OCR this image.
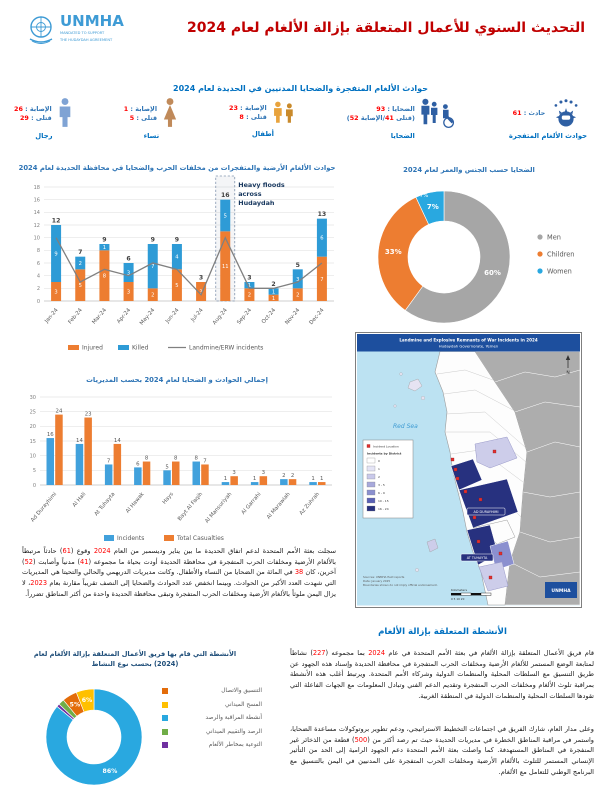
UNMHA
MANDATED TO SUPPORT
THE HUDAYDAH AGREEMENT
التحديث السنوي للأعمال المتعلقة بإزالة الألغام لعام 2024
حوادث الألغام المتفجرة والضحايا المدنيين في الحديدة لعام 2024
الإصابة : 26
قتلى : 29
رجال
الإصابة : 1
قتلى : 5
نساء
الإصابة : 23
قتلى : 8
أطفال
الضحايا : 93
(قتلى 41/الإصابة 52)
الضحايا
حادث : 61
حوادث الألغام المتفجرة
حوادث الألغام الأرضية والمتفجرات من مخلفات الحرب والضحايا في محافظة الحديدة لعام 2024
0
2
4
6
8
10
12
14
16
18	Heavy floods
across
Hudaydah
3
9
12
Jan-24
5
2
7
Feb-24
8
1
9
Mar-24
3
3
6
Apr-24
2
7
9
May-24
5
4
9
Jun-24
3
3
Jul-24
11
5
16
Aug-24
2
1
3
Sep-24
1
1
2
Oct-24
2
3
5
Nov-24
7
6
13
Dec-24
Injured	Killed	Landmine/ERW incidents
الضحايا حسب الجنس والعمر لعام 2024
60%
33%
7%
Men
Children
Women
7%
إجمالي الحوادث و الضحايا لعام 2024 بحسب المديريات
0
5
10
15
20
25
30
16
24
Ad Durayhimi
14
23
Al Hali
7
14
At Tuhayta
6
8
Al Hawak
5
8
Hays
8 7
Bayt Al Faqih
1
3
Al Mansuriyah
1
3
Al Garrahi
2 2
Al Marawiah
1 1
Az Zuhrah
Incidents	Total Casualties
AD DURAYHIMI
AT TUHAYTA
Red Sea
Incident Location
Incidents by District
0
1
2
3 - 5
6 - 9
10 - 15
16 - 24
N
Kilometers
0 5 10 20
Sources: UNMHA field reports
Date: January 2025
Boundaries shown do not imply official endorsement.
UNMHA
Landmine and Explosive Remnants of War Incidents in 2024
Hudaydah Governorate, Yemen
سجلت بعثة الأمم المتحدة لدعم اتفاق الحديدة ما بين يناير وديسمبر من العام 2024 وقوع (61) حادثاً مرتبطاً بالألغام الأرضية ومخلفات الحرب المتفجرة في محافظة الحديدة أودت بحياة ما مجموعه (41) مدنياً وأصابت (52) آخرين، كان 38 في المائة من الضحايا من النساء والأطفال. وكانت مديريات الدريهمي والحالي والتحيتا هي المديريات التي شهدت العدد الأكبر من الحوادث. وبينما انخفض عدد الحوادث والضحايا إلى النصف تقريباً مقارنة بعام 2023، لا يزال اليمن ملوثاً بالألغام الأرضية ومخلفات الحرب المتفجرة وتبقى محافظة الحديدة واحدة من أكثر المناطق تضرراً.
الأنشطة المتعلقة بإزالة الألغام
قام فريق الأعمال المتعلقة بإزالة الألغام في بعثة الأمم المتحدة في عام 2024 بما مجموعه (227) نشاطاً لمتابعة الوضع المستمر للألغام الأرضية ومخلفات الحرب المتفجرة في محافظة الحديدة وإسناد هذه الجهود عن طريق التنسيق مع السلطات المحلية والمنظمات الدولية وشركاء الأمم المتحدة. ويرتبط أغلب هذه الأنشطة بمراقبة تلوث الألغام ومخلفات الحرب المتفجرة وتقديم الدعم الفني وتبادل المعلومات مع الجهات الفاعلة التي تقودها السلطات المحلية والمنظمات الدولية في المنطقة الغربية.
وعلى مدار العام، شارك الفريق في اجتماعات التخطيط الاستراتيجي، ودعم تطوير بروتوكولات مساعدة الضحايا، واستمر في مراقبة المناطق الخطرة في مديريات الحديدة حيث تم رصد أكثر من (500) قطعة من الذخائر غير المنفجرة في المناطق المستهدفة. كما واصلت بعثة الأمم المتحدة دعم الجهود الرامية إلى الحد من التأثير الإنساني المستمر للتلوث بالألغام الأرضية ومخلفات الحرب المتفجرة على المدنيين في اليمن بالتنسيق مع البرنامج الوطني للتعامل مع الألغام.
الأنشطة التي قام بها فريق الأعمال المتعلقة بإزالة الألغام لعام (2024) بحسب نوع النشاط
86%
5%
6%
التنسيق والاتصال
المسح الميداني
أنشطة المراقبة والرصد
الرصد والتقييم الميداني
التوعية بمخاطر الألغام
